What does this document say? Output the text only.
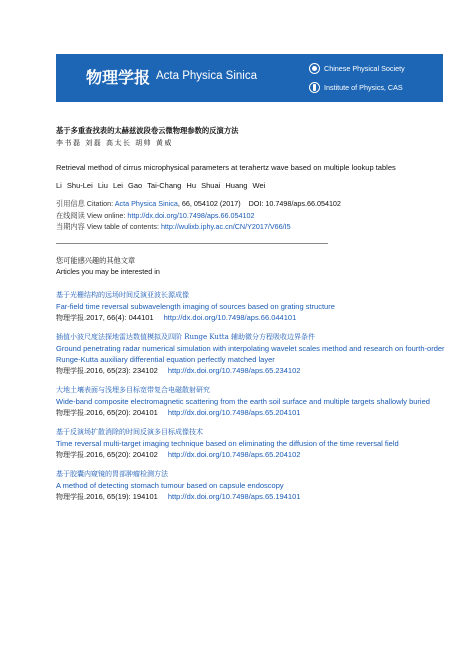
物理学报 Acta Physica Sinica
Chinese Physical Society
Institute of Physics, CAS
基于多重查找表的太赫兹波段卷云微物理参数的反演方法
李书磊 刘磊 高太长 胡帅 黄威
Retrieval method of cirrus microphysical parameters at terahertz wave based on multiple lookup tables
Li Shu-Lei Liu Lei Gao Tai-Chang Hu Shuai Huang Wei
引用信息 Citation: Acta Physica Sinica, 66, 054102 (2017) DOI: 10.7498/aps.66.054102
在线阅读 View online: http://dx.doi.org/10.7498/aps.66.054102
当期内容 View table of contents: http://wulixb.iphy.ac.cn/CN/Y2017/V66/I5
您可能感兴趣的其他文章
Articles you may be interested in
基于光栅结构的远场时间反演亚波长源成像
Far-field time reversal subwavelength imaging of sources based on grating structure
物理学报.2017, 66(4): 044101 http://dx.doi.org/10.7498/aps.66.044101
插值小波尺度法探地雷达数值模拟及四阶 Runge Kutta 辅助微分方程吸收边界条件
Ground penetrating radar numerical simulation with interpolating wavelet scales method and research on fourth-order Runge-Kutta auxiliary differential equation perfectly matched layer
物理学报.2016, 65(23): 234102 http://dx.doi.org/10.7498/aps.65.234102
大地土壤表面与浅埋多目标宽带复合电磁散射研究
Wide-band composite electromagnetic scattering from the earth soil surface and multiple targets shallowly buried
物理学报.2016, 65(20): 204101 http://dx.doi.org/10.7498/aps.65.204101
基于反演场扩散消除的时间反演多目标成像技术
Time reversal multi-target imaging technique based on eliminating the diffusion of the time reversal field
物理学报.2016, 65(20): 204102 http://dx.doi.org/10.7498/aps.65.204102
基于胶囊内窥镜的胃部肿瘤检测方法
A method of detecting stomach tumour based on capsule endoscopy
物理学报.2016, 65(19): 194101 http://dx.doi.org/10.7498/aps.65.194101
